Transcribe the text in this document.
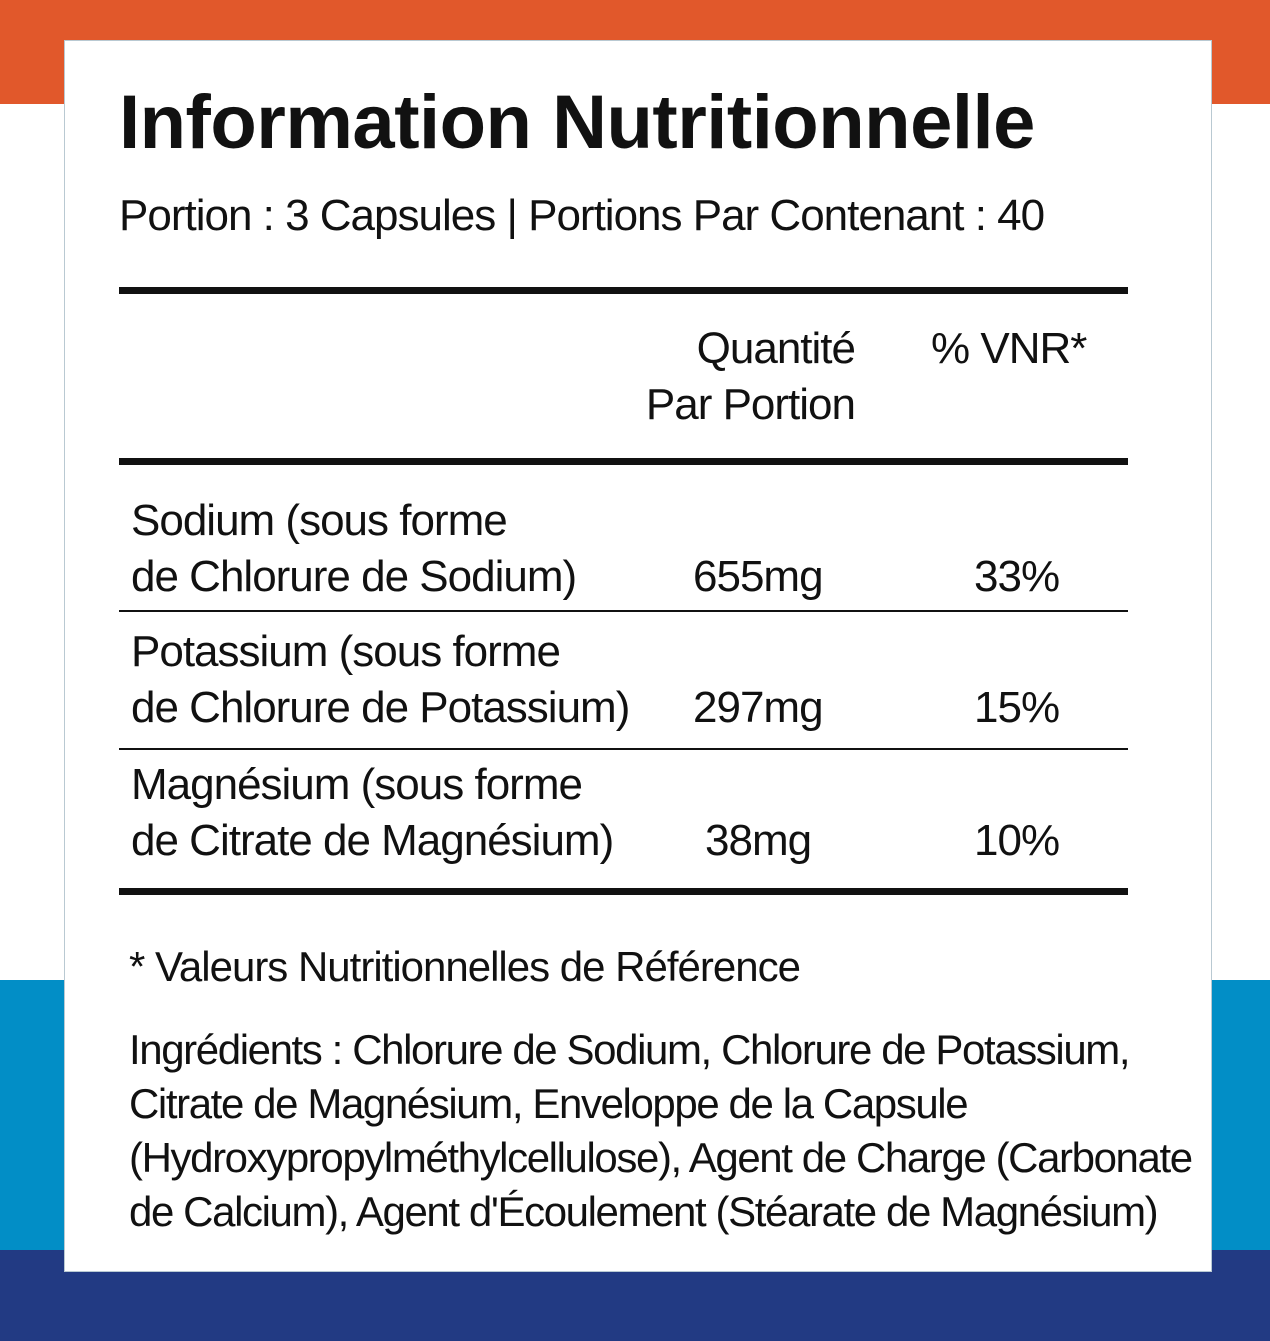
Information Nutritionnelle
Portion : 3 Capsules | Portions Par Contenant : 40
Quantité
Par Portion
% VNR*
Sodium (sous forme
de Chlorure de Sodium)	655mg	33%
Potassium (sous forme
de Chlorure de Potassium) 297mg	15%
Magnésium (sous forme
de Citrate de Magnésium) 38mg	10%
* Valeurs Nutritionnelles de Référence
Ingrédients : Chlorure de Sodium, Chlorure de Potassium, Citrate de Magnésium, Enveloppe de la Capsule (Hydroxypropylméthylcellulose), Agent de Charge (Carbonate de Calcium), Agent d'Écoulement (Stéarate de Magnésium)
